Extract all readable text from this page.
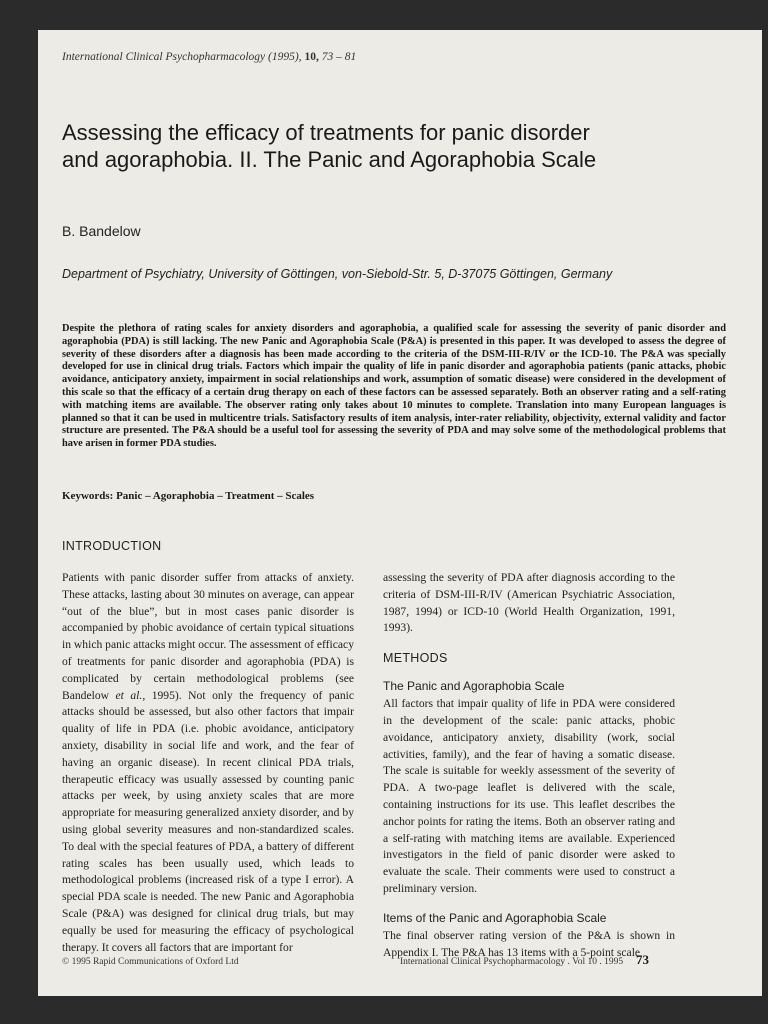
International Clinical Psychopharmacology (1995), 10, 73 – 81
Assessing the efficacy of treatments for panic disorder and agoraphobia. II. The Panic and Agoraphobia Scale
B. Bandelow
Department of Psychiatry, University of Göttingen, von-Siebold-Str. 5, D-37075 Göttingen, Germany

Despite the plethora of rating scales for anxiety disorders and agoraphobia, a qualified scale for assessing the severity of panic disorder and agoraphobia (PDA) is still lacking. The new Panic and Agoraphobia Scale (P&A) is presented in this paper. It was developed to assess the degree of severity of these disorders after a diagnosis has been made according to the criteria of the DSM-III-R/IV or the ICD-10. The P&A was specially developed for use in clinical drug trials. Factors which impair the quality of life in panic disorder and agoraphobia patients (panic attacks, phobic avoidance, anticipatory anxiety, impairment in social relationships and work, assumption of somatic disease) were considered in the development of this scale so that the efficacy of a certain drug therapy on each of these factors can be assessed separately. Both an observer rating and a self-rating with matching items are available. The observer rating only takes about 10 minutes to complete. Translation into many European languages is planned so that it can be used in multicentre trials. Satisfactory results of item analysis, inter-rater reliability, objectivity, external validity and factor structure are presented. The P&A should be a useful tool for assessing the severity of PDA and may solve some of the methodological problems that have arisen in former PDA studies.

Keywords: Panic – Agoraphobia – Treatment – Scales
INTRODUCTION

Patients with panic disorder suffer from attacks of anxiety. These attacks, lasting about 30 minutes on average, can appear “out of the blue”, but in most cases panic disorder is accompanied by phobic avoidance of certain typical situations in which panic attacks might occur. The assessment of efficacy of treatments for panic disorder and agoraphobia (PDA) is complicated by certain methodological problems (see Bandelow et al., 1995). Not only the frequency of panic attacks should be assessed, but also other factors that impair quality of life in PDA (i.e. phobic avoidance, anticipatory anxiety, disability in social life and work, and the fear of having an organic disease). In recent clinical PDA trials, therapeutic efficacy was usually assessed by counting panic attacks per week, by using anxiety scales that are more appropriate for measuring generalized anxiety disorder, and by using global severity measures and non-standardized scales. To deal with the special features of PDA, a battery of different rating scales has been usually used, which leads to methodological problems (increased risk of a type I error). A special PDA scale is needed. The new Panic and Agoraphobia Scale (P&A) was designed for clinical drug trials, but may equally be used for measuring the efficacy of psychological therapy. It covers all factors that are important for

assessing the severity of PDA after diagnosis according to the criteria of DSM-III-R/IV (American Psychiatric Association, 1987, 1994) or ICD-10 (World Health Organization, 1991, 1993).

METHODS
The Panic and Agoraphobia Scale

All factors that impair quality of life in PDA were considered in the development of the scale: panic attacks, phobic avoidance, anticipatory anxiety, disability (work, social activities, family), and the fear of having a somatic disease. The scale is suitable for weekly assessment of the severity of PDA. A two-page leaflet is delivered with the scale, containing instructions for its use. This leaflet describes the anchor points for rating the items. Both an observer rating and a self-rating with matching items are available. Experienced investigators in the field of panic disorder were asked to evaluate the scale. Their comments were used to construct a preliminary version.

Items of the Panic and Agoraphobia Scale

The final observer rating version of the P&A is shown in Appendix I. The P&A has 13 items with a 5-point scale

© 1995 Rapid Communications of Oxford Ltd	International Clinical Psychopharmacology . Vol 10 . 1995 73
